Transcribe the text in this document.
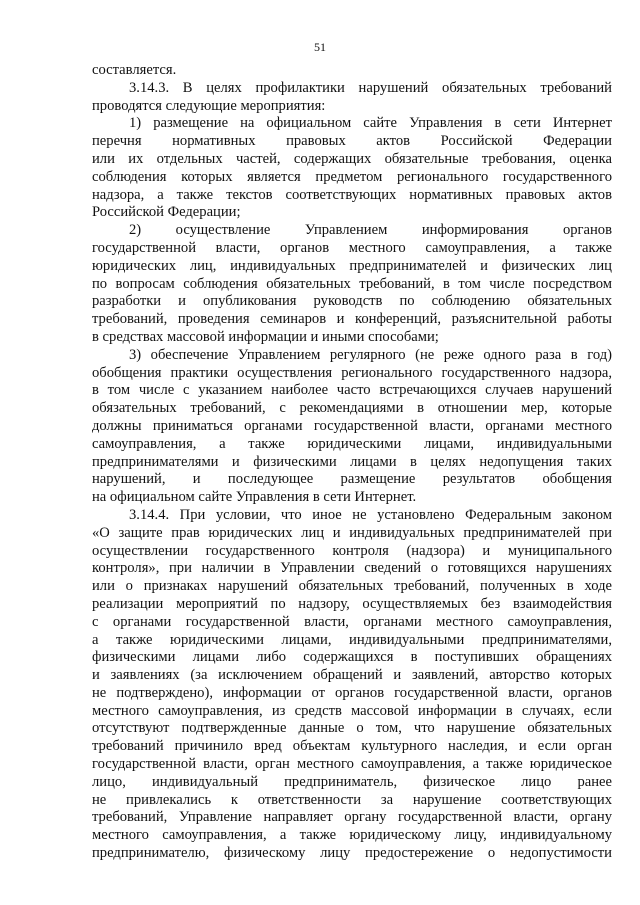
51
составляется.
3.14.3. В целях профилактики нарушений обязательных требований
проводятся следующие мероприятия:
1) размещение на официальном сайте Управления в сети Интернет
перечня нормативных правовых актов Российской Федерации
или их отдельных частей, содержащих обязательные требования, оценка
соблюдения которых является предметом регионального государственного
надзора, а также текстов соответствующих нормативных правовых актов
Российской Федерации;
2) осуществление Управлением информирования органов
государственной власти, органов местного самоуправления, а также
юридических лиц, индивидуальных предпринимателей и физических лиц
по вопросам соблюдения обязательных требований, в том числе посредством
разработки и опубликования руководств по соблюдению обязательных
требований, проведения семинаров и конференций, разъяснительной работы
в средствах массовой информации и иными способами;
3) обеспечение Управлением регулярного (не реже одного раза в год)
обобщения практики осуществления регионального государственного надзора,
в том числе с указанием наиболее часто встречающихся случаев нарушений
обязательных требований, с рекомендациями в отношении мер, которые
должны приниматься органами государственной власти, органами местного
самоуправления, а также юридическими лицами, индивидуальными
предпринимателями и физическими лицами в целях недопущения таких
нарушений, и последующее размещение результатов обобщения
на официальном сайте Управления в сети Интернет.
3.14.4. При условии, что иное не установлено Федеральным законом
«О защите прав юридических лиц и индивидуальных предпринимателей при
осуществлении государственного контроля (надзора) и муниципального
контроля», при наличии в Управлении сведений о готовящихся нарушениях
или о признаках нарушений обязательных требований, полученных в ходе
реализации мероприятий по надзору, осуществляемых без взаимодействия
с органами государственной власти, органами местного самоуправления,
а также юридическими лицами, индивидуальными предпринимателями,
физическими лицами либо содержащихся в поступивших обращениях
и заявлениях (за исключением обращений и заявлений, авторство которых
не подтверждено), информации от органов государственной власти, органов
местного самоуправления, из средств массовой информации в случаях, если
отсутствуют подтвержденные данные о том, что нарушение обязательных
требований причинило вред объектам культурного наследия, и если орган
государственной власти, орган местного самоуправления, а также юридическое
лицо, индивидуальный предприниматель, физическое лицо ранее
не привлекались к ответственности за нарушение соответствующих
требований, Управление направляет органу государственной власти, органу
местного самоуправления, а также юридическому лицу, индивидуальному
предпринимателю, физическому лицу предостережение о недопустимости
